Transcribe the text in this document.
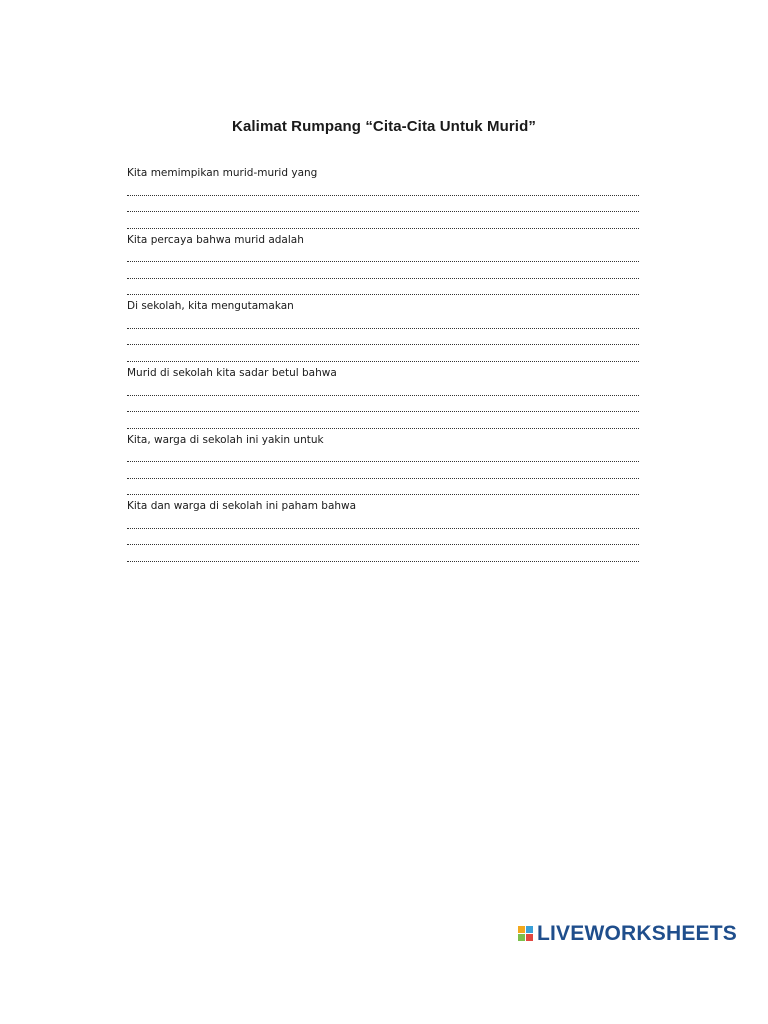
Kalimat Rumpang “Cita-Cita Untuk Murid”
Kita memimpikan murid-murid yang
Kita percaya bahwa murid adalah
Di sekolah, kita mengutamakan
Murid di sekolah kita sadar betul bahwa
Kita, warga di sekolah ini yakin untuk
Kita dan warga di sekolah ini paham bahwa
LIVEWORKSHEETS
